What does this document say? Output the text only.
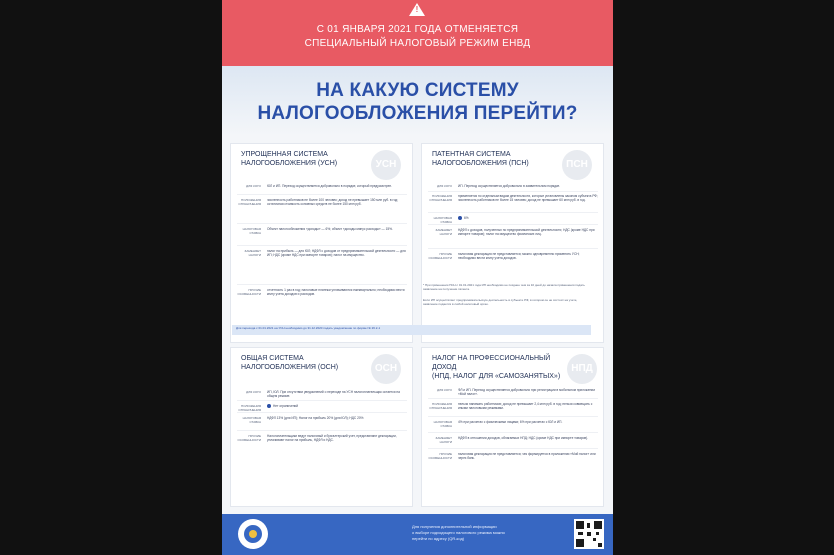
!
С 01 ЯНВАРЯ 2021 ГОДА ОТМЕНЯЕТСЯ
СПЕЦИАЛЬНЫЙ НАЛОГОВЫЙ РЕЖИМ ЕНВД
НА КАКУЮ СИСТЕМУ
НАЛОГООБЛОЖЕНИЯ ПЕРЕЙТИ?
УПРОЩЕННАЯ СИСТЕМА
НАЛОГООБЛОЖЕНИЯ (УСН)	УСН
ДЛЯ КОГО ЮЛ и ИП. Переход осуществляется добровольно в порядке, который предусмотрен.
ПОЛОЖЕНИЯ ОГРАНИЧЕНИЯ
численность работников не более 100 человек; доход не превышает 150 млн руб. в год; остаточная стоимость основных средств не более 150 млн руб.
НАЛОГОВАЯ СТАВКА
Объект налогообложения «доходы» — 6%; объект «доходы минус расходы» — 15%.
ЗАМЕНЯЕТ НАЛОГИ
налог на прибыль — для ЮЛ; НДФЛ с доходов от предпринимательской деятельности — для ИП; НДС (кроме НДС при импорте товаров); налог на имущество.
ПРОЧИЕ ОСОБЕННОСТИ
отчетность 1 раз в год; налоговые платежи уплачиваются ежеквартально; необходимо вести книгу учета доходов и расходов.
ПАТЕНТНАЯ СИСТЕМА
НАЛОГООБЛОЖЕНИЯ (ПСН)	ПСН
ДЛЯ КОГО ИП. Переход осуществляется добровольно в заявительном порядке.
ПОЛОЖЕНИЯ ОГРАНИЧЕНИЯ
применяется по отдельным видам деятельности, которые установлены законом субъекта РФ; численность работников не более 15 человек; доход не превышает 60 млн руб. в год.
НАЛОГОВАЯ СТАВКА
6%
ЗАМЕНЯЕТ НАЛОГИ
НДФЛ с доходов, полученных по предпринимательской деятельности; НДС (кроме НДС при импорте товаров); налог на имущество физических лиц.
ПРОЧИЕ ОСОБЕННОСТИ
налоговая декларация не представляется; можно одновременно применять УСН; необходимо вести книгу учета доходов.
* При применении ПСН с 01.01.2021 года ИП необходимо не позднее чем за 10 дней до начала применения подать заявление на получение патента.
Если ИП осуществляет предпринимательскую деятельность в субъекте РФ, в котором он не состоит на учете, заявление подается в любой налоговый орган.
Для перехода с 01.01.2021 на УСН необходимо до 31.12.2020 подать уведомление по форме № 26.2-1
ОБЩАЯ СИСТЕМА
НАЛОГООБЛОЖЕНИЯ (ОСН)	ОСН
ДЛЯ КОГО ИП, ЮЛ. При отсутствии уведомлений о переходе на УСН налогоплательщик остается на общем режиме.
ПОЛОЖЕНИЯ ОГРАНИЧЕНИЯ
Нет ограничений
НАЛОГОВАЯ СТАВКА
НДФЛ 13% (для ИП); Налог на прибыль 20% (для ЮЛ); НДС 20%
ПРОЧИЕ ОСОБЕННОСТИ
Налогоплательщики ведут налоговый и бухгалтерский учет, представляют декларации, уплачивают налог на прибыль, НДФЛ и НДС.
НАЛОГ НА ПРОФЕССИОНАЛЬНЫЙ ДОХОД
(НПД, НАЛОГ ДЛЯ «САМОЗАНЯТЫХ»)
НПД
ДЛЯ КОГО ФЛ и ИП. Переход осуществляется добровольно при регистрации в мобильном приложении «Мой налог».
ПОЛОЖЕНИЯ ОГРАНИЧЕНИЯ
нельзя нанимать работников; доход не превышает 2,4 млн руб. в год; нельзя совмещать с иными налоговыми режимами.
НАЛОГОВАЯ СТАВКА
4% при расчетах с физическими лицами; 6% при расчетах с ЮЛ и ИП.
ЗАМЕНЯЕТ НАЛОГИ
НДФЛ в отношении доходов, облагаемых НПД; НДС (кроме НДС при импорте товаров).
ПРОЧИЕ ОСОБЕННОСТИ
налоговая декларация не представляется; чек формируется в приложении «Мой налог» или через банк.
Для получения дополнительной информации
о выборе подходящего налогового режима можно
перейти по адресу (QR-код)
